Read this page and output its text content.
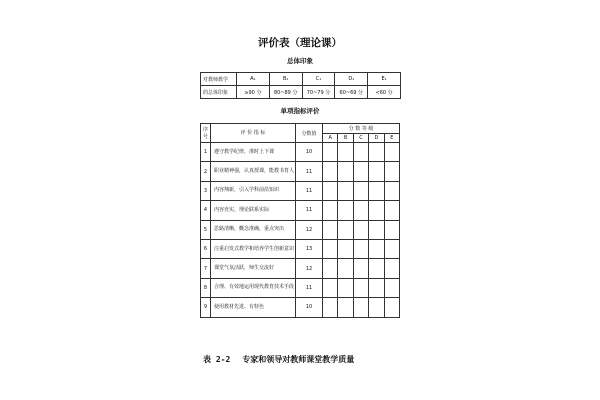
评价表（理论课）
总体印象
对教师教学	A₁	B₁	C₁	D₁	E₁
的总体印象	≥90 分	80~89 分	70~79 分	60~69 分	<60 分
单项指标评价
序号	评 价 指 标	分数值	分 数 等 级				
			A	B	C	D	E
1	遵守教学纪律，准时上下课	10					
2	职业精神强，认真授课，能教书育人	11					
3	内容翔新，引入学科前沿知识	11					
4	内容充实，理论联系实际	11					
5	思路清晰，概念准确，重点突出	12					
6	注重启发式教学和培养学生创新意识	13					
7	课堂气氛活跃，师生交流好	12					
8	合理、有效地运用现代教育技术手段	11					
9	使用教材先进、有特色	10					
表 2-2 专家和领导对教师课堂教学质量
